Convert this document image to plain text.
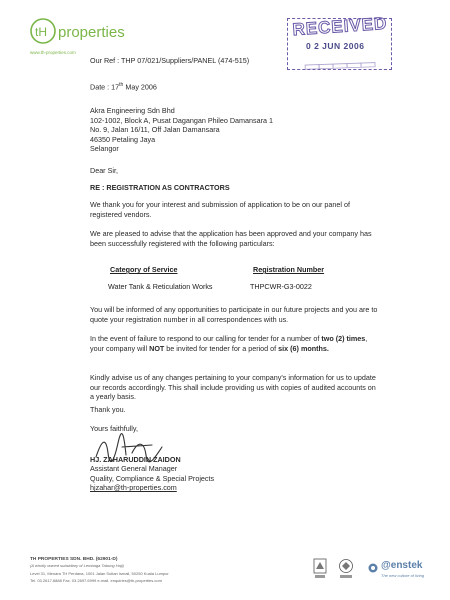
tH properties
www.th-properties.com
RECEIVED
0 2 JUN 2006
▬▬▬▬▬
Our Ref : THP 07/021/Suppliers/PANEL (474-515)
Date : 17th May 2006

Akra Engineering Sdn Bhd

102-1002, Block A, Pusat Dagangan Phileo Damansara 1

No. 9, Jalan 16/11, Off Jalan Damansara

46350 Petaling Jaya

Selangor

Dear Sir,
RE : REGISTRATION AS CONTRACTORS
We thank you for your interest and submission of application to be on our panel of registered vendors.
We are pleased to advise that the application has been approved and your company has been successfully registered with the following particulars:
Category of Service	Registration Number
Water Tank & Reticulation Works	THPCWR-G3-0022
You will be informed of any opportunities to participate in our future projects and you are to quote your registration number in all correspondences with us.
In the event of failure to respond to our calling for tender for a number of two (2) times, your company will NOT be invited for tender for a period of six (6) months.
Kindly advise us of any changes pertaining to your company's information for us to update our records accordingly. This shall include providing us with copies of audited accounts on a yearly basis.
Thank you.
Yours faithfully,
HJ. ZAHARUDDIN ZAIDON
Assistant General Manager
Quality, Compliance & Special Projects
hjzahar@th-properties.com
TH PROPERTIES SDN. BHD. (62901-D)
(A wholly owned subsidiary of Lembaga Tabung Haji)
Level 31, Menara TH Perdana, 1001 Jalan Sultan Ismail, 50250 Kuala Lumpur
Tel. 03.2617.6888 Fax. 03.2697.6999 e-mail. enquiries@th-properties.com
@enstek
The new culture of living
